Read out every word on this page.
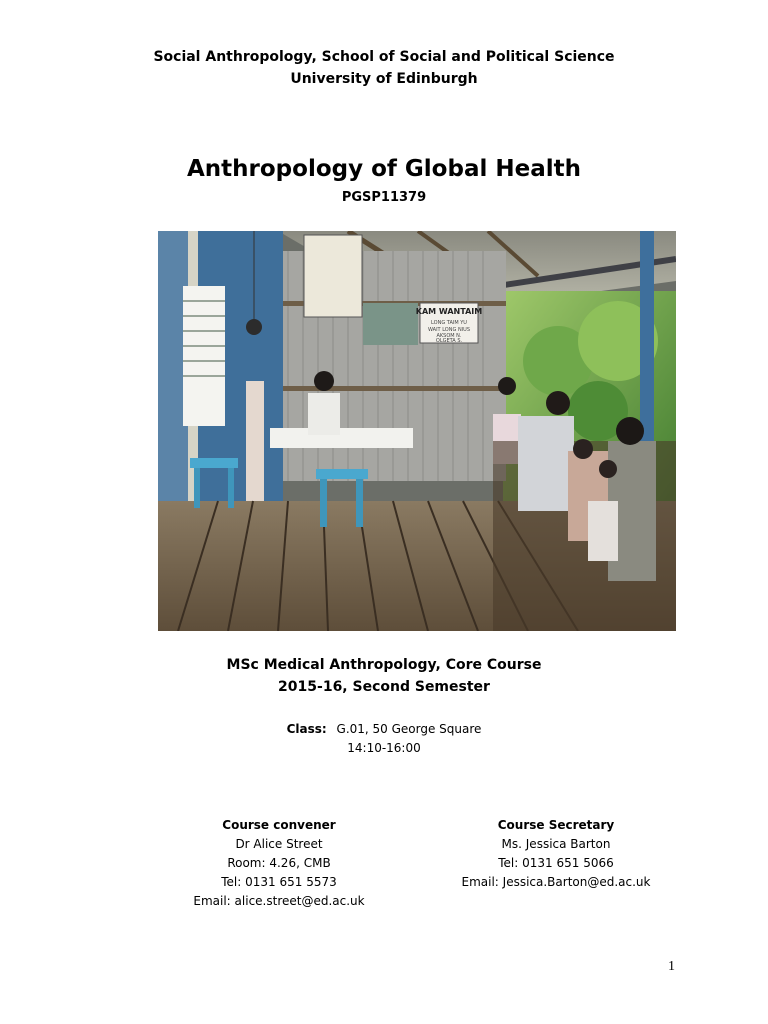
Social Anthropology, School of Social and Political Science
University of Edinburgh
Anthropology of Global Health
PGSP11379
KAM WANTAIM
LONG TAIM YU
WAIT LONG NIUS
AKSOM N.
OLGETA S.
MSc Medical Anthropology, Core Course
2015-16, Second Semester
Class: G.01, 50 George Square
14:10-16:00
Course convener
Dr Alice Street
Room: 4.26, CMB
Tel: 0131 651 5573
Email: alice.street@ed.ac.uk
Course Secretary
Ms. Jessica Barton
Tel: 0131 651 5066
Email: Jessica.Barton@ed.ac.uk
1
